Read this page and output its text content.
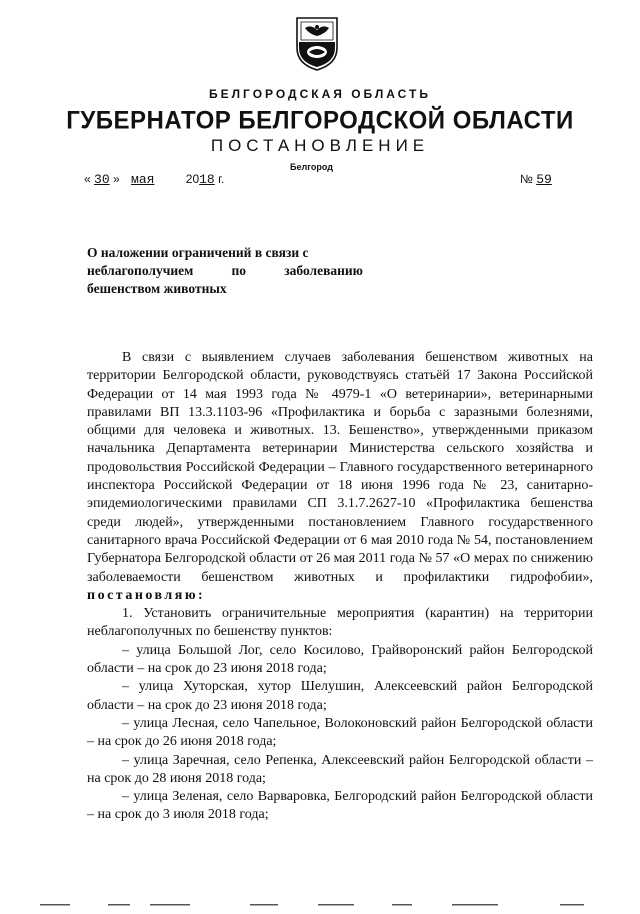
БЕЛГОРОДСКАЯ ОБЛАСТЬ
ГУБЕРНАТОР БЕЛГОРОДСКОЙ ОБЛАСТИ
ПОСТАНОВЛЕНИЕ
Белгород
« 30 » мая	2018 г.	№ 59
О наложении ограничений в связи с
неблагополучием по заболеванию
бешенством животных

В связи с выявлением случаев заболевания бешенством животных на территории Белгородской области, руководствуясь статьёй 17 Закона Российской Федерации от 14 мая 1993 года № 4979-1 «О ветеринарии», ветеринарными правилами ВП 13.3.1103-96 «Профилактика и борьба с заразными болезнями, общими для человека и животных. 13. Бешенство», утвержденными приказом начальника Департамента ветеринарии Министерства сельского хозяйства и продовольствия Российской Федерации – Главного государственного ветеринарного инспектора Российской Федерации от 18 июня 1996 года № 23, санитарно-эпидемиологическими правилами СП 3.1.7.2627-10 «Профилактика бешенства среди людей», утвержденными постановлением Главного государственного санитарного врача Российской Федерации от 6 мая 2010 года № 54, постановлением Губернатора Белгородской области от 26 мая 2011 года № 57 «О мерах по снижению заболеваемости бешенством животных и профилактики гидрофобии», постановляю:

1. Установить ограничительные мероприятия (карантин) на территории неблагополучных по бешенству пунктов:

– улица Большой Лог, село Косилово, Грайворонский район Белгородской области – на срок до 23 июня 2018 года;

– улица Хуторская, хутор Шелушин, Алексеевский район Белгородской области – на срок до 23 июня 2018 года;

– улица Лесная, село Чапельное, Волоконовский район Белгородской области – на срок до 26 июня 2018 года;

– улица Заречная, село Репенка, Алексеевский район Белгородской области – на срок до 28 июня 2018 года;

– улица Зеленая, село Варваровка, Белгородский район Белгородской области – на срок до 3 июля 2018 года;
